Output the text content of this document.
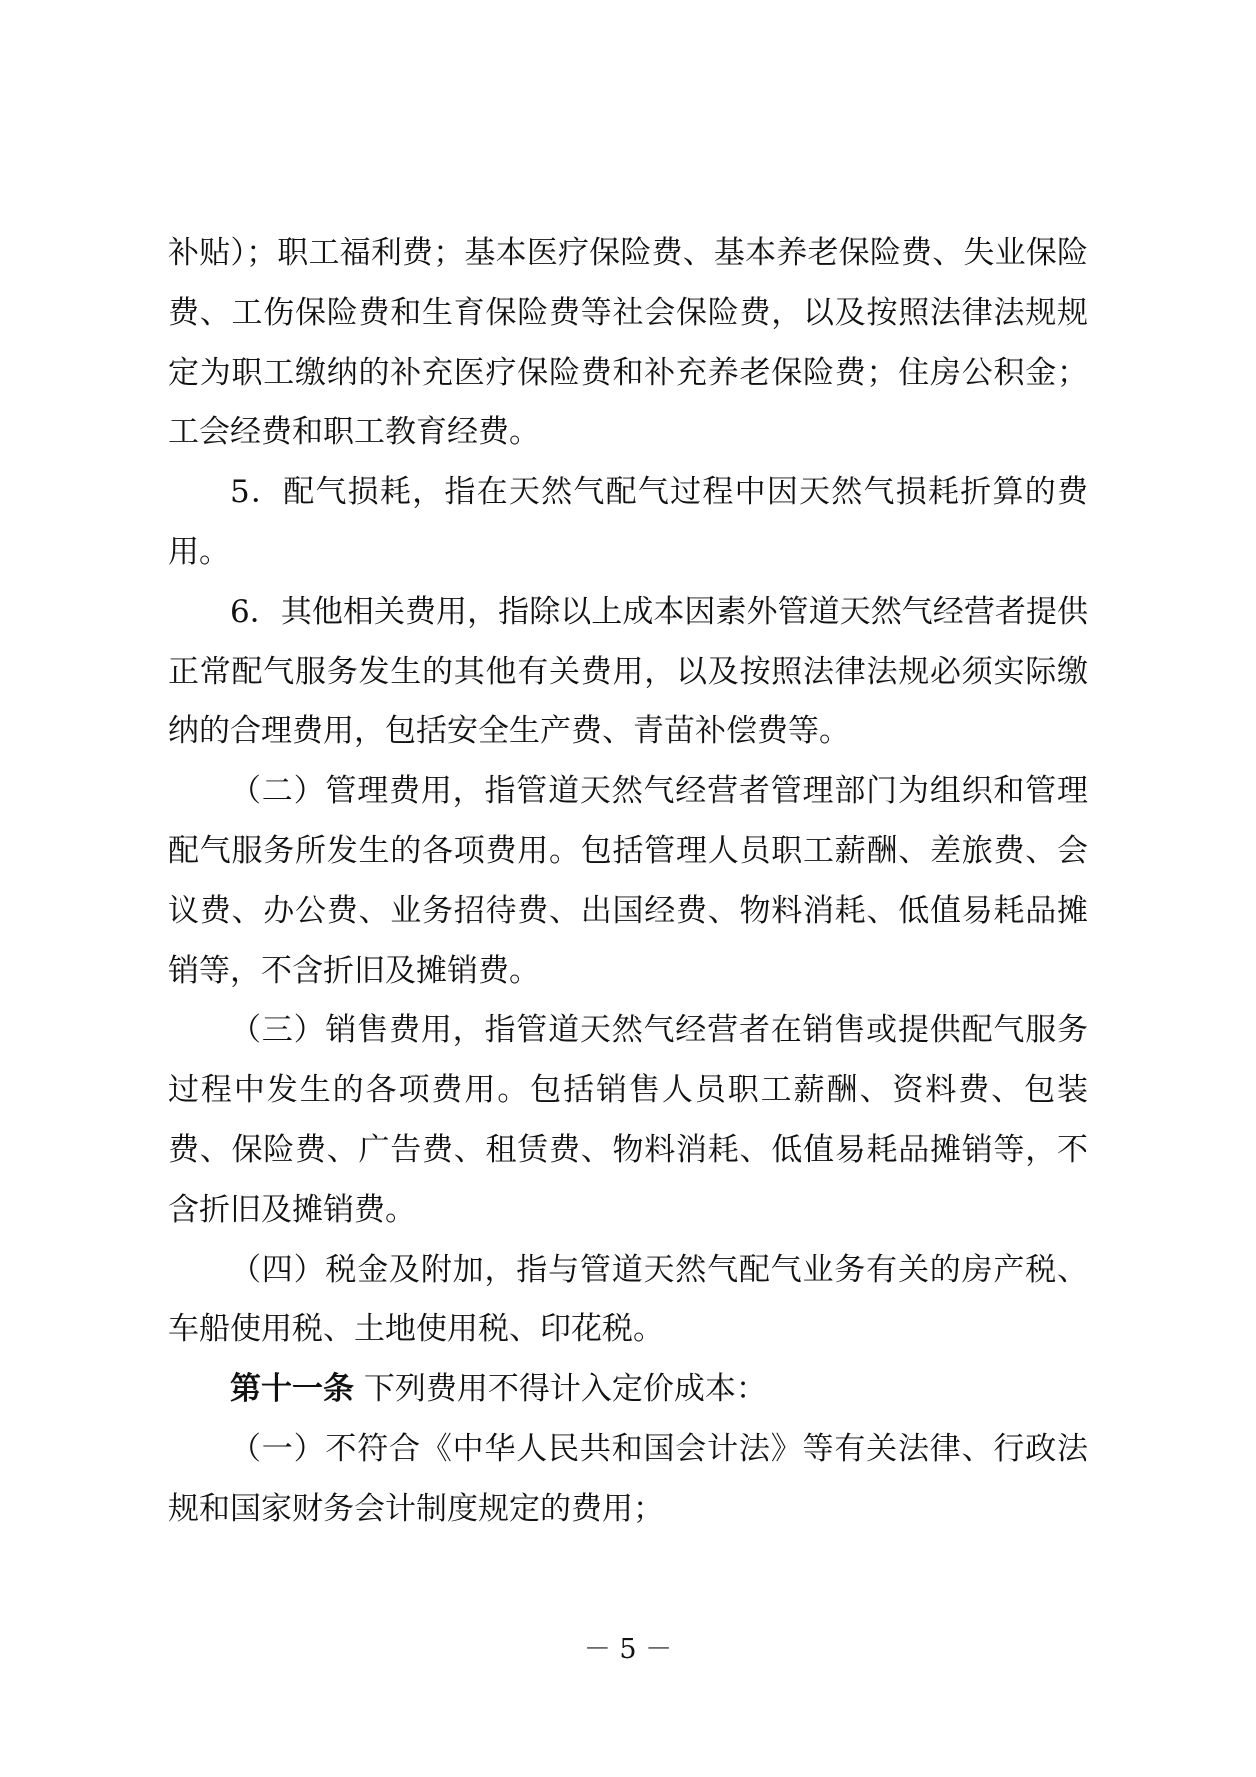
补贴）；职工福利费；基本医疗保险费、基本养老保险费、失业保险费、工伤保险费和生育保险费等社会保险费，以及按照法律法规规定为职工缴纳的补充医疗保险费和补充养老保险费；住房公积金；工会经费和职工教育经费。

5．配气损耗，指在天然气配气过程中因天然气损耗折算的费用。

6．其他相关费用，指除以上成本因素外管道天然气经营者提供正常配气服务发生的其他有关费用，以及按照法律法规必须实际缴纳的合理费用，包括安全生产费、青苗补偿费等。

（二）管理费用，指管道天然气经营者管理部门为组织和管理配气服务所发生的各项费用。包括管理人员职工薪酬、差旅费、会议费、办公费、业务招待费、出国经费、物料消耗、低值易耗品摊销等，不含折旧及摊销费。

（三）销售费用，指管道天然气经营者在销售或提供配气服务过程中发生的各项费用。包括销售人员职工薪酬、资料费、包装费、保险费、广告费、租赁费、物料消耗、低值易耗品摊销等，不含折旧及摊销费。

（四）税金及附加，指与管道天然气配气业务有关的房产税、车船使用税、土地使用税、印花税。

第十一条 下列费用不得计入定价成本：

（一）不符合《中华人民共和国会计法》等有关法律、行政法规和国家财务会计制度规定的费用；

－ 5 －
